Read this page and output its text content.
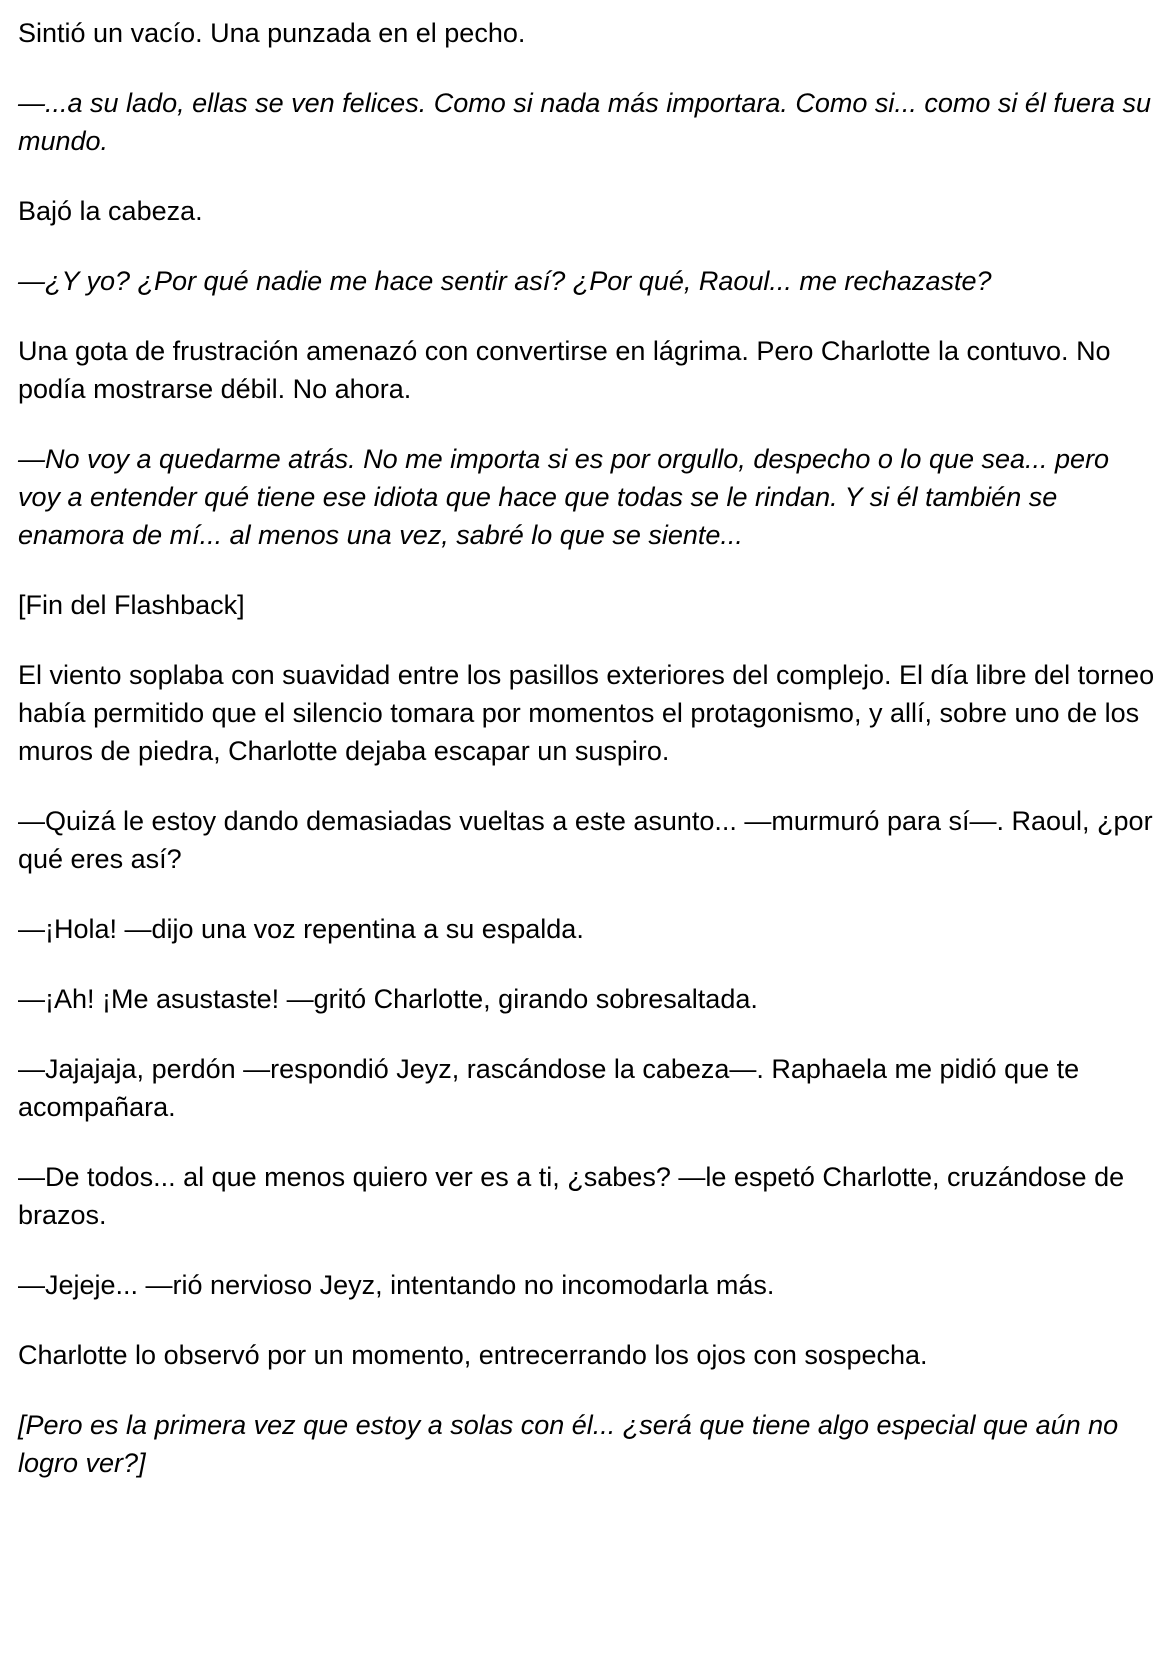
Sintió un vacío. Una punzada en el pecho.

—...a su lado, ellas se ven felices. Como si nada más importara. Como si... como si él fuera su mundo.

Bajó la cabeza.

—¿Y yo? ¿Por qué nadie me hace sentir así? ¿Por qué, Raoul... me rechazaste?

Una gota de frustración amenazó con convertirse en lágrima. Pero Charlotte la contuvo. No podía mostrarse débil. No ahora.

—No voy a quedarme atrás. No me importa si es por orgullo, despecho o lo que sea... pero voy a entender qué tiene ese idiota que hace que todas se le rindan. Y si él también se enamora de mí... al menos una vez, sabré lo que se siente...

[Fin del Flashback]

El viento soplaba con suavidad entre los pasillos exteriores del complejo. El día libre del torneo había permitido que el silencio tomara por momentos el protagonismo, y allí, sobre uno de los muros de piedra, Charlotte dejaba escapar un suspiro.

—Quizá le estoy dando demasiadas vueltas a este asunto... —murmuró para sí—. Raoul, ¿por qué eres así?

—¡Hola! —dijo una voz repentina a su espalda.

—¡Ah! ¡Me asustaste! —gritó Charlotte, girando sobresaltada.

—Jajajaja, perdón —respondió Jeyz, rascándose la cabeza—. Raphaela me pidió que te acompañara.

—De todos... al que menos quiero ver es a ti, ¿sabes? —le espetó Charlotte, cruzándose de brazos.

—Jejeje... —rió nervioso Jeyz, intentando no incomodarla más.

Charlotte lo observó por un momento, entrecerrando los ojos con sospecha.

[Pero es la primera vez que estoy a solas con él... ¿será que tiene algo especial que aún no logro ver?]
